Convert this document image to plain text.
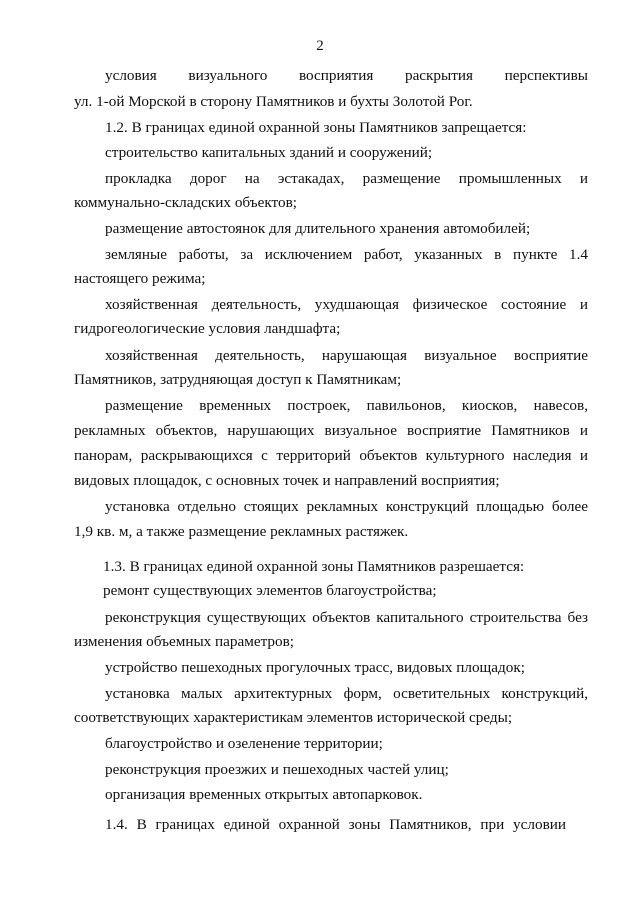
2
условия визуального восприятия раскрытия перспективы
ул. 1-ой Морской в сторону Памятников и бухты Золотой Рог.
1.2. В границах единой охранной зоны Памятников запрещается:
строительство капитальных зданий и сооружений;
прокладка дорог на эстакадах, размещение промышленных и
коммунально-складских объектов;
размещение автостоянок для длительного хранения автомобилей;
земляные работы, за исключением работ, указанных в пункте 1.4
настоящего режима;
хозяйственная деятельность, ухудшающая физическое состояние и
гидрогеологические условия ландшафта;
хозяйственная деятельность, нарушающая визуальное восприятие
Памятников, затрудняющая доступ к Памятникам;
размещение временных построек, павильонов, киосков, навесов,
рекламных объектов, нарушающих визуальное восприятие Памятников и
панорам, раскрывающихся с территорий объектов культурного наследия и
видовых площадок, с основных точек и направлений восприятия;
установка отдельно стоящих рекламных конструкций площадью более
1,9 кв. м, а также размещение рекламных растяжек.
1.3. В границах единой охранной зоны Памятников разрешается:
ремонт существующих элементов благоустройства;
реконструкция существующих объектов капитального строительства без
изменения объемных параметров;
устройство пешеходных прогулочных трасс, видовых площадок;
установка малых архитектурных форм, осветительных конструкций,
соответствующих характеристикам элементов исторической среды;
благоустройство и озеленение территории;
реконструкция проезжих и пешеходных частей улиц;
организация временных открытых автопарковок.
1.4. В границах единой охранной зоны Памятников, при условии
